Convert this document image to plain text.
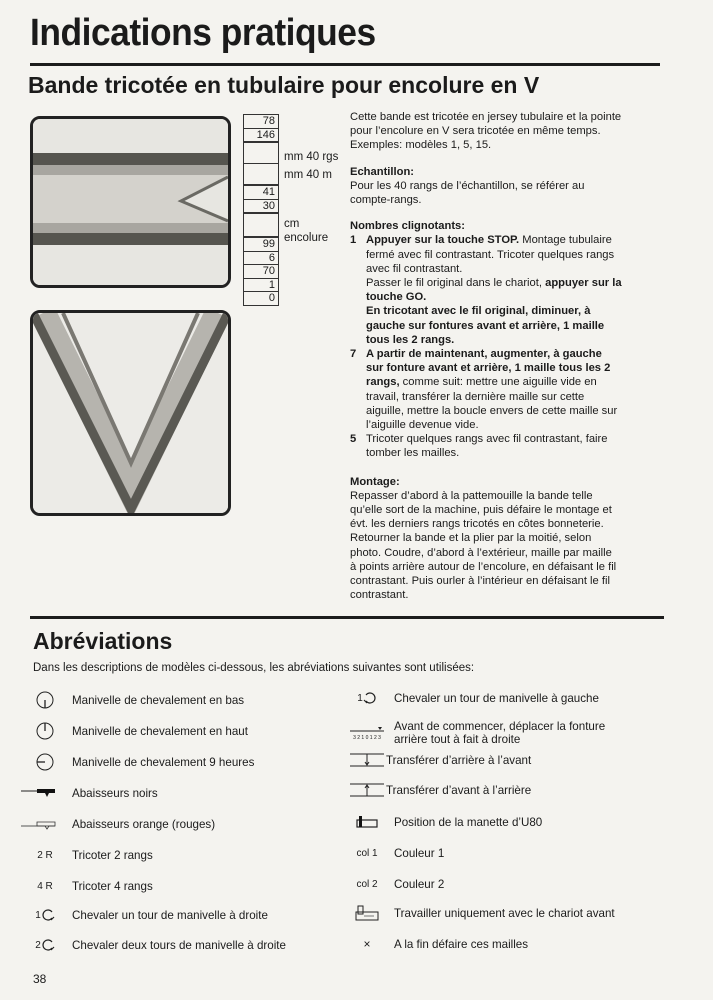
Indications pratiques
Bande tricotée en tubulaire pour encolure en V
78
146
41
30
99
6
70
1
0
mm 40 rgs
mm 40 m
cm
encolure
Cette bande est tricotée en jersey tubulaire et la pointe
pour l’encolure en V sera tricotée en même temps.
Exemples: modèles 1, 5, 15.
Echantillon:
Pour les 40 rangs de l’échantillon, se référer au
compte-rangs.
Nombres clignotants:
1 Appuyer sur la touche STOP. Montage tubulaire
fermé avec fil contrastant. Tricoter quelques rangs
avec fil contrastant.
Passer le fil original dans le chariot, appuyer sur la
touche GO.
En tricotant avec le fil original, diminuer, à
gauche sur fontures avant et arrière, 1 maille
tous les 2 rangs.
7 A partir de maintenant, augmenter, à gauche
sur fonture avant et arrière, 1 maille tous les 2
rangs, comme suit: mettre une aiguille vide en
travail, transférer la dernière maille sur cette
aiguille, mettre la boucle envers de cette maille sur
l’aiguille devenue vide.
5 Tricoter quelques rangs avec fil contrastant, faire
tomber les mailles.
Montage:
Repasser d’abord à la pattemouille la bande telle
qu’elle sort de la machine, puis défaire le montage et
évt. les derniers rangs tricotés en côtes bonneterie.
Retourner la bande et la plier par la moitié, selon
photo. Coudre, d’abord à l’extérieur, maille par maille
à points arrière autour de l’encolure, en défaisant le fil
contrastant. Puis ourler à l’intérieur en défaisant le fil
contrastant.
Abréviations
Dans les descriptions de modèles ci-dessous, les abréviations suivantes sont utilisées:
Manivelle de chevalement en bas
Manivelle de chevalement en haut
Manivelle de chevalement 9 heures
Abaisseurs noirs
Abaisseurs orange (rouges)
2 R	Tricoter 2 rangs
4 R	Tricoter 4 rangs
1	Chevaler un tour de manivelle à droite
2	Chevaler deux tours de manivelle à droite
1	Chevaler un tour de manivelle à gauche
3 2 1 0 1 2 3
Avant de commencer, déplacer la fonture
arrière tout à fait à droite
Transférer d’arrière à l’avant
Transférer d’avant à l’arrière
Position de la manette d’U80
col 1	Couleur 1
col 2	Couleur 2
Travailler uniquement avec le chariot avant
×	A la fin défaire ces mailles
38
